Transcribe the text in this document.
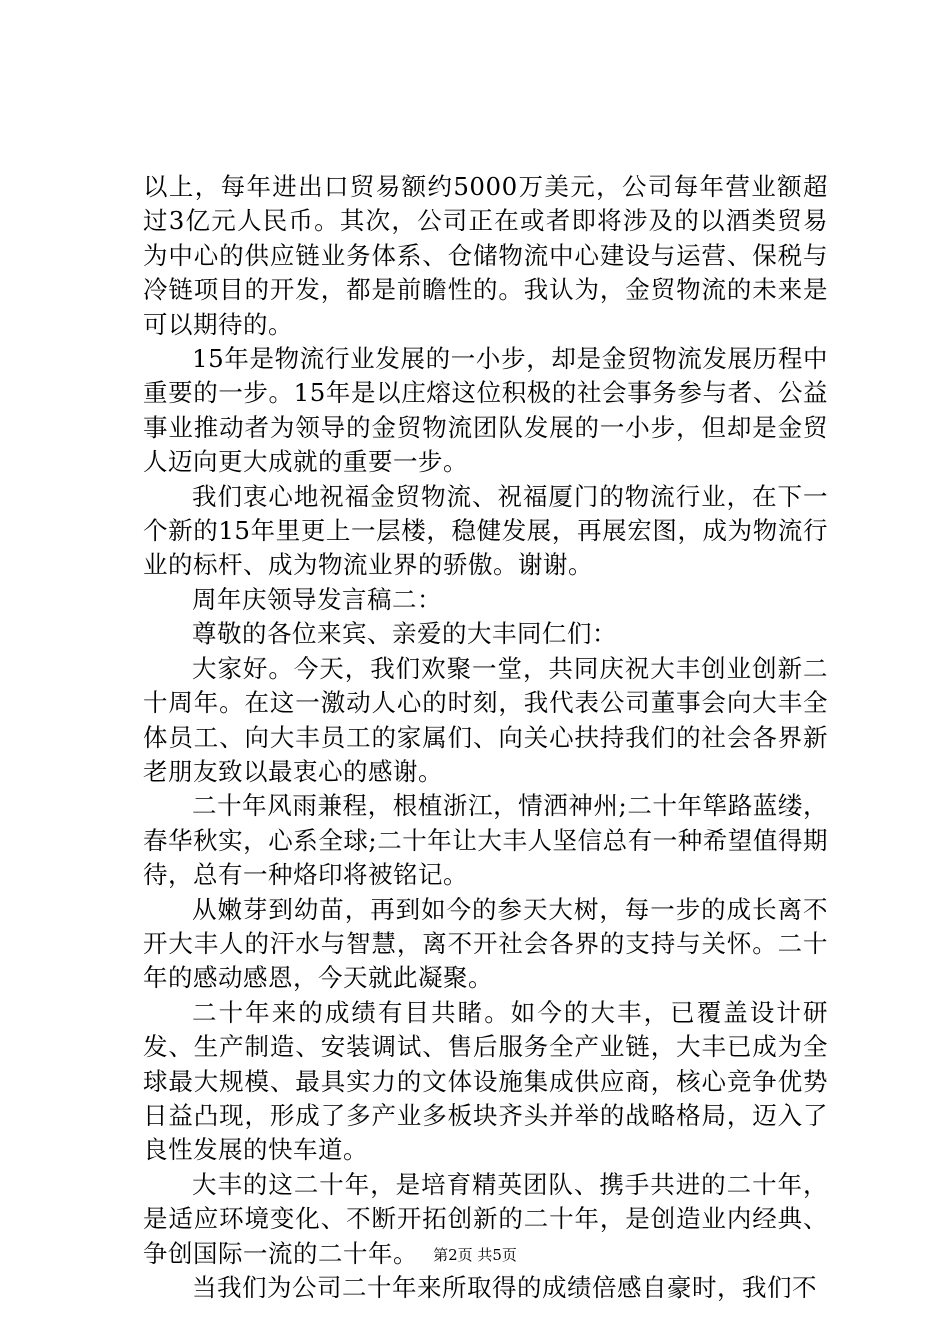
以上，每年进出口贸易额约5000万美元，公司每年营业额超过3亿元人民币。其次，公司正在或者即将涉及的以酒类贸易为中心的供应链业务体系、仓储物流中心建设与运营、保税与冷链项目的开发，都是前瞻性的。我认为，金贸物流的未来是可以期待的。

15年是物流行业发展的一小步，却是金贸物流发展历程中重要的一步。15年是以庄熔这位积极的社会事务参与者、公益事业推动者为领导的金贸物流团队发展的一小步，但却是金贸人迈向更大成就的重要一步。

我们衷心地祝福金贸物流、祝福厦门的物流行业，在下一个新的15年里更上一层楼，稳健发展，再展宏图，成为物流行业的标杆、成为物流业界的骄傲。谢谢。

周年庆领导发言稿二：

尊敬的各位来宾、亲爱的大丰同仁们：

大家好。今天，我们欢聚一堂，共同庆祝大丰创业创新二十周年。在这一激动人心的时刻，我代表公司董事会向大丰全体员工、向大丰员工的家属们、向关心扶持我们的社会各界新老朋友致以最衷心的感谢。

二十年风雨兼程，根植浙江，情洒神州;二十年筚路蓝缕，春华秋实，心系全球;二十年让大丰人坚信总有一种希望值得期待，总有一种烙印将被铭记。

从嫩芽到幼苗，再到如今的参天大树，每一步的成长离不开大丰人的汗水与智慧，离不开社会各界的支持与关怀。二十年的感动感恩，今天就此凝聚。

二十年来的成绩有目共睹。如今的大丰，已覆盖设计研发、生产制造、安装调试、售后服务全产业链，大丰已成为全球最大规模、最具实力的文体设施集成供应商，核心竞争优势日益凸现，形成了多产业多板块齐头并举的战略格局，迈入了良性发展的快车道。

大丰的这二十年，是培育精英团队、携手共进的二十年，是适应环境变化、不断开拓创新的二十年，是创造业内经典、争创国际一流的二十年。

当我们为公司二十年来所取得的成绩倍感自豪时，我们不

第2页 共5页
